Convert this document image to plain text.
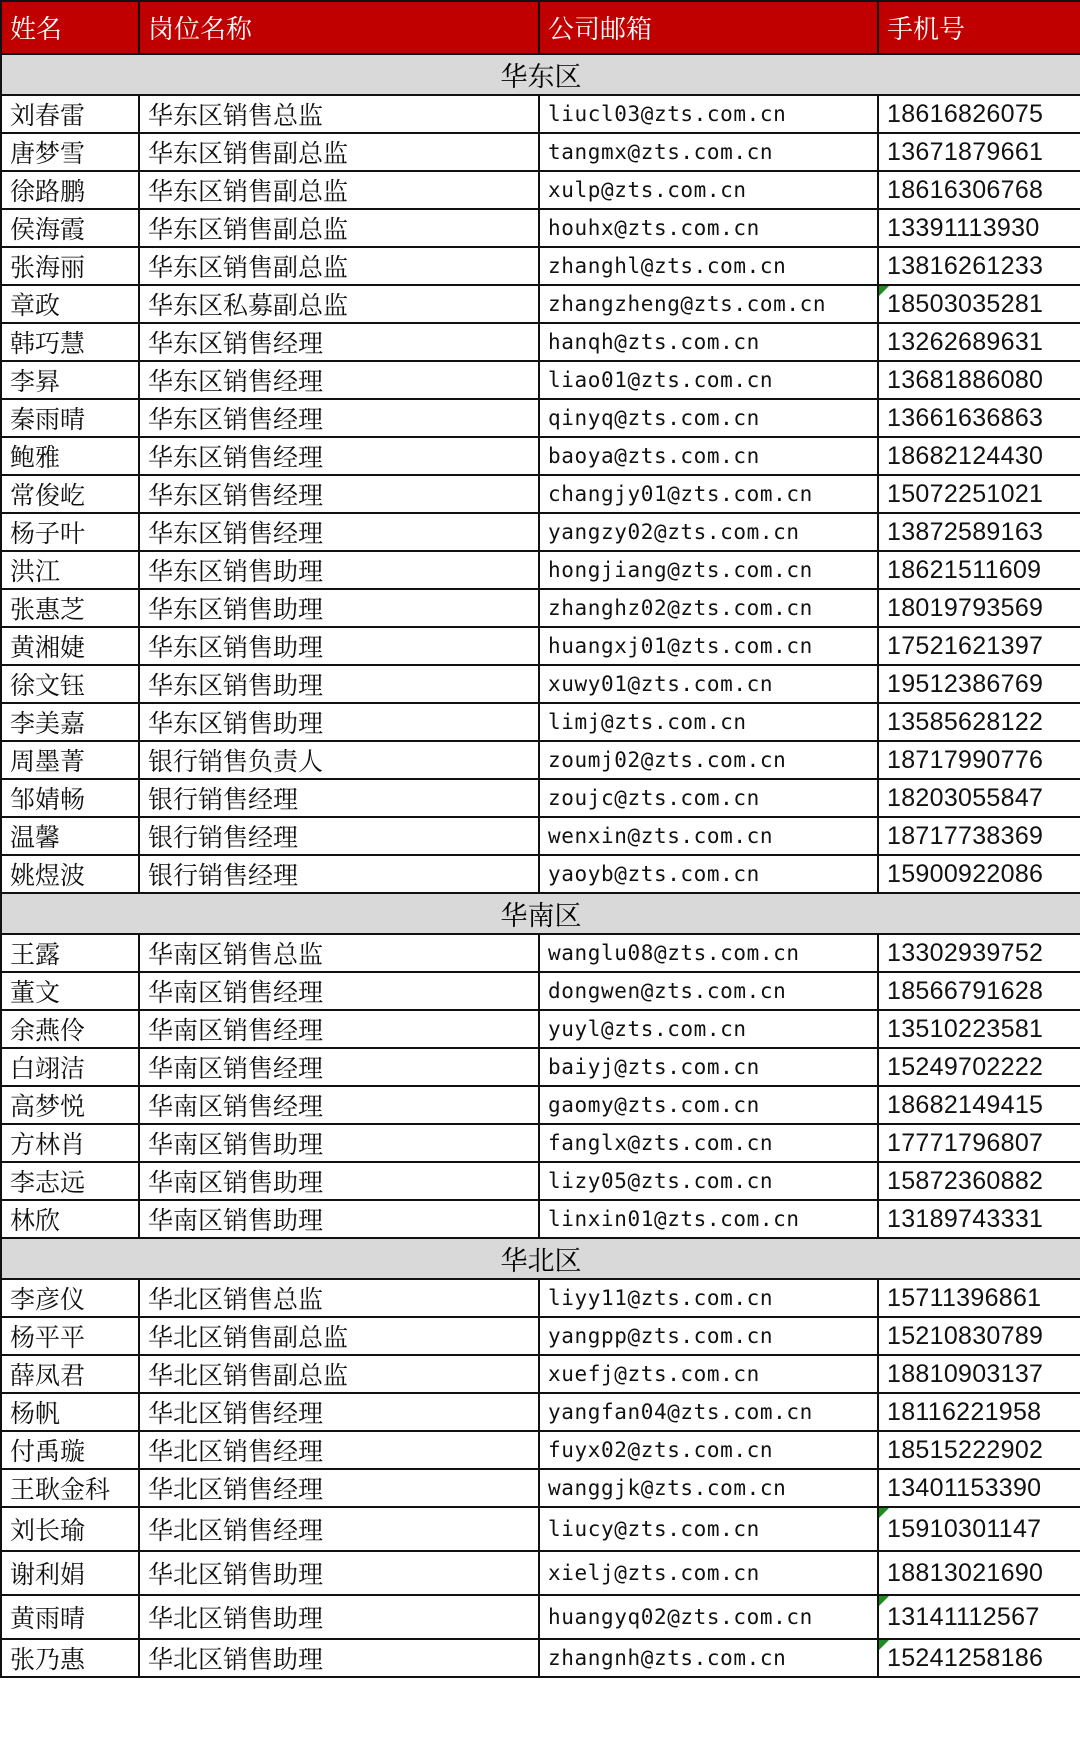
姓名	岗位名称	公司邮箱	手机号
华东区			
刘春雷	华东区销售总监	liucl03@zts.com.cn	18616826075
唐梦雪	华东区销售副总监	tangmx@zts.com.cn	13671879661
徐路鹏	华东区销售副总监	xulp@zts.com.cn	18616306768
侯海霞	华东区销售副总监	houhx@zts.com.cn	13391113930
张海丽	华东区销售副总监	zhanghl@zts.com.cn	13816261233
章政	华东区私募副总监	zhangzheng@zts.com.cn	18503035281

韩巧慧	华东区销售经理	hanqh@zts.com.cn	13262689631
李昪	华东区销售经理	liao01@zts.com.cn	13681886080
秦雨晴	华东区销售经理	qinyq@zts.com.cn	13661636863
鲍雅	华东区销售经理	baoya@zts.com.cn	18682124430
常俊屹	华东区销售经理	changjy01@zts.com.cn	15072251021
杨子叶	华东区销售经理	yangzy02@zts.com.cn	13872589163
洪江	华东区销售助理	hongjiang@zts.com.cn	18621511609
张惠芝	华东区销售助理	zhanghz02@zts.com.cn	18019793569
黄湘婕	华东区销售助理	huangxj01@zts.com.cn	17521621397
徐文钰	华东区销售助理	xuwy01@zts.com.cn	19512386769
李美嘉	华东区销售助理	limj@zts.com.cn	13585628122
周墨菁	银行销售负责人	zoumj02@zts.com.cn	18717990776
邹婧畅	银行销售经理	zoujc@zts.com.cn	18203055847
温馨	银行销售经理	wenxin@zts.com.cn	18717738369
姚煜波	银行销售经理	yaoyb@zts.com.cn	15900922086
华南区			
王露	华南区销售总监	wanglu08@zts.com.cn	13302939752
董文	华南区销售经理	dongwen@zts.com.cn	18566791628
余燕伶	华南区销售经理	yuyl@zts.com.cn	13510223581
白翊洁	华南区销售经理	baiyj@zts.com.cn	15249702222
高梦悦	华南区销售经理	gaomy@zts.com.cn	18682149415
方林肖	华南区销售助理	fanglx@zts.com.cn	17771796807
李志远	华南区销售助理	lizy05@zts.com.cn	15872360882
林欣	华南区销售助理	linxin01@zts.com.cn	13189743331
华北区			
李彦仪	华北区销售总监	liyy11@zts.com.cn	15711396861
杨平平	华北区销售副总监	yangpp@zts.com.cn	15210830789
薛凤君	华北区销售副总监	xuefj@zts.com.cn	18810903137
杨帆	华北区销售经理	yangfan04@zts.com.cn	18116221958
付禹璇	华北区销售经理	fuyx02@zts.com.cn	18515222902
王耿金科	华北区销售经理	wanggjk@zts.com.cn	13401153390
刘长瑜	华北区销售经理	liucy@zts.com.cn	15910301147

谢利娟	华北区销售助理	xielj@zts.com.cn	18813021690
黄雨晴	华北区销售助理	huangyq02@zts.com.cn	13141112567

张乃惠	华北区销售助理	zhangnh@zts.com.cn	15241258186
